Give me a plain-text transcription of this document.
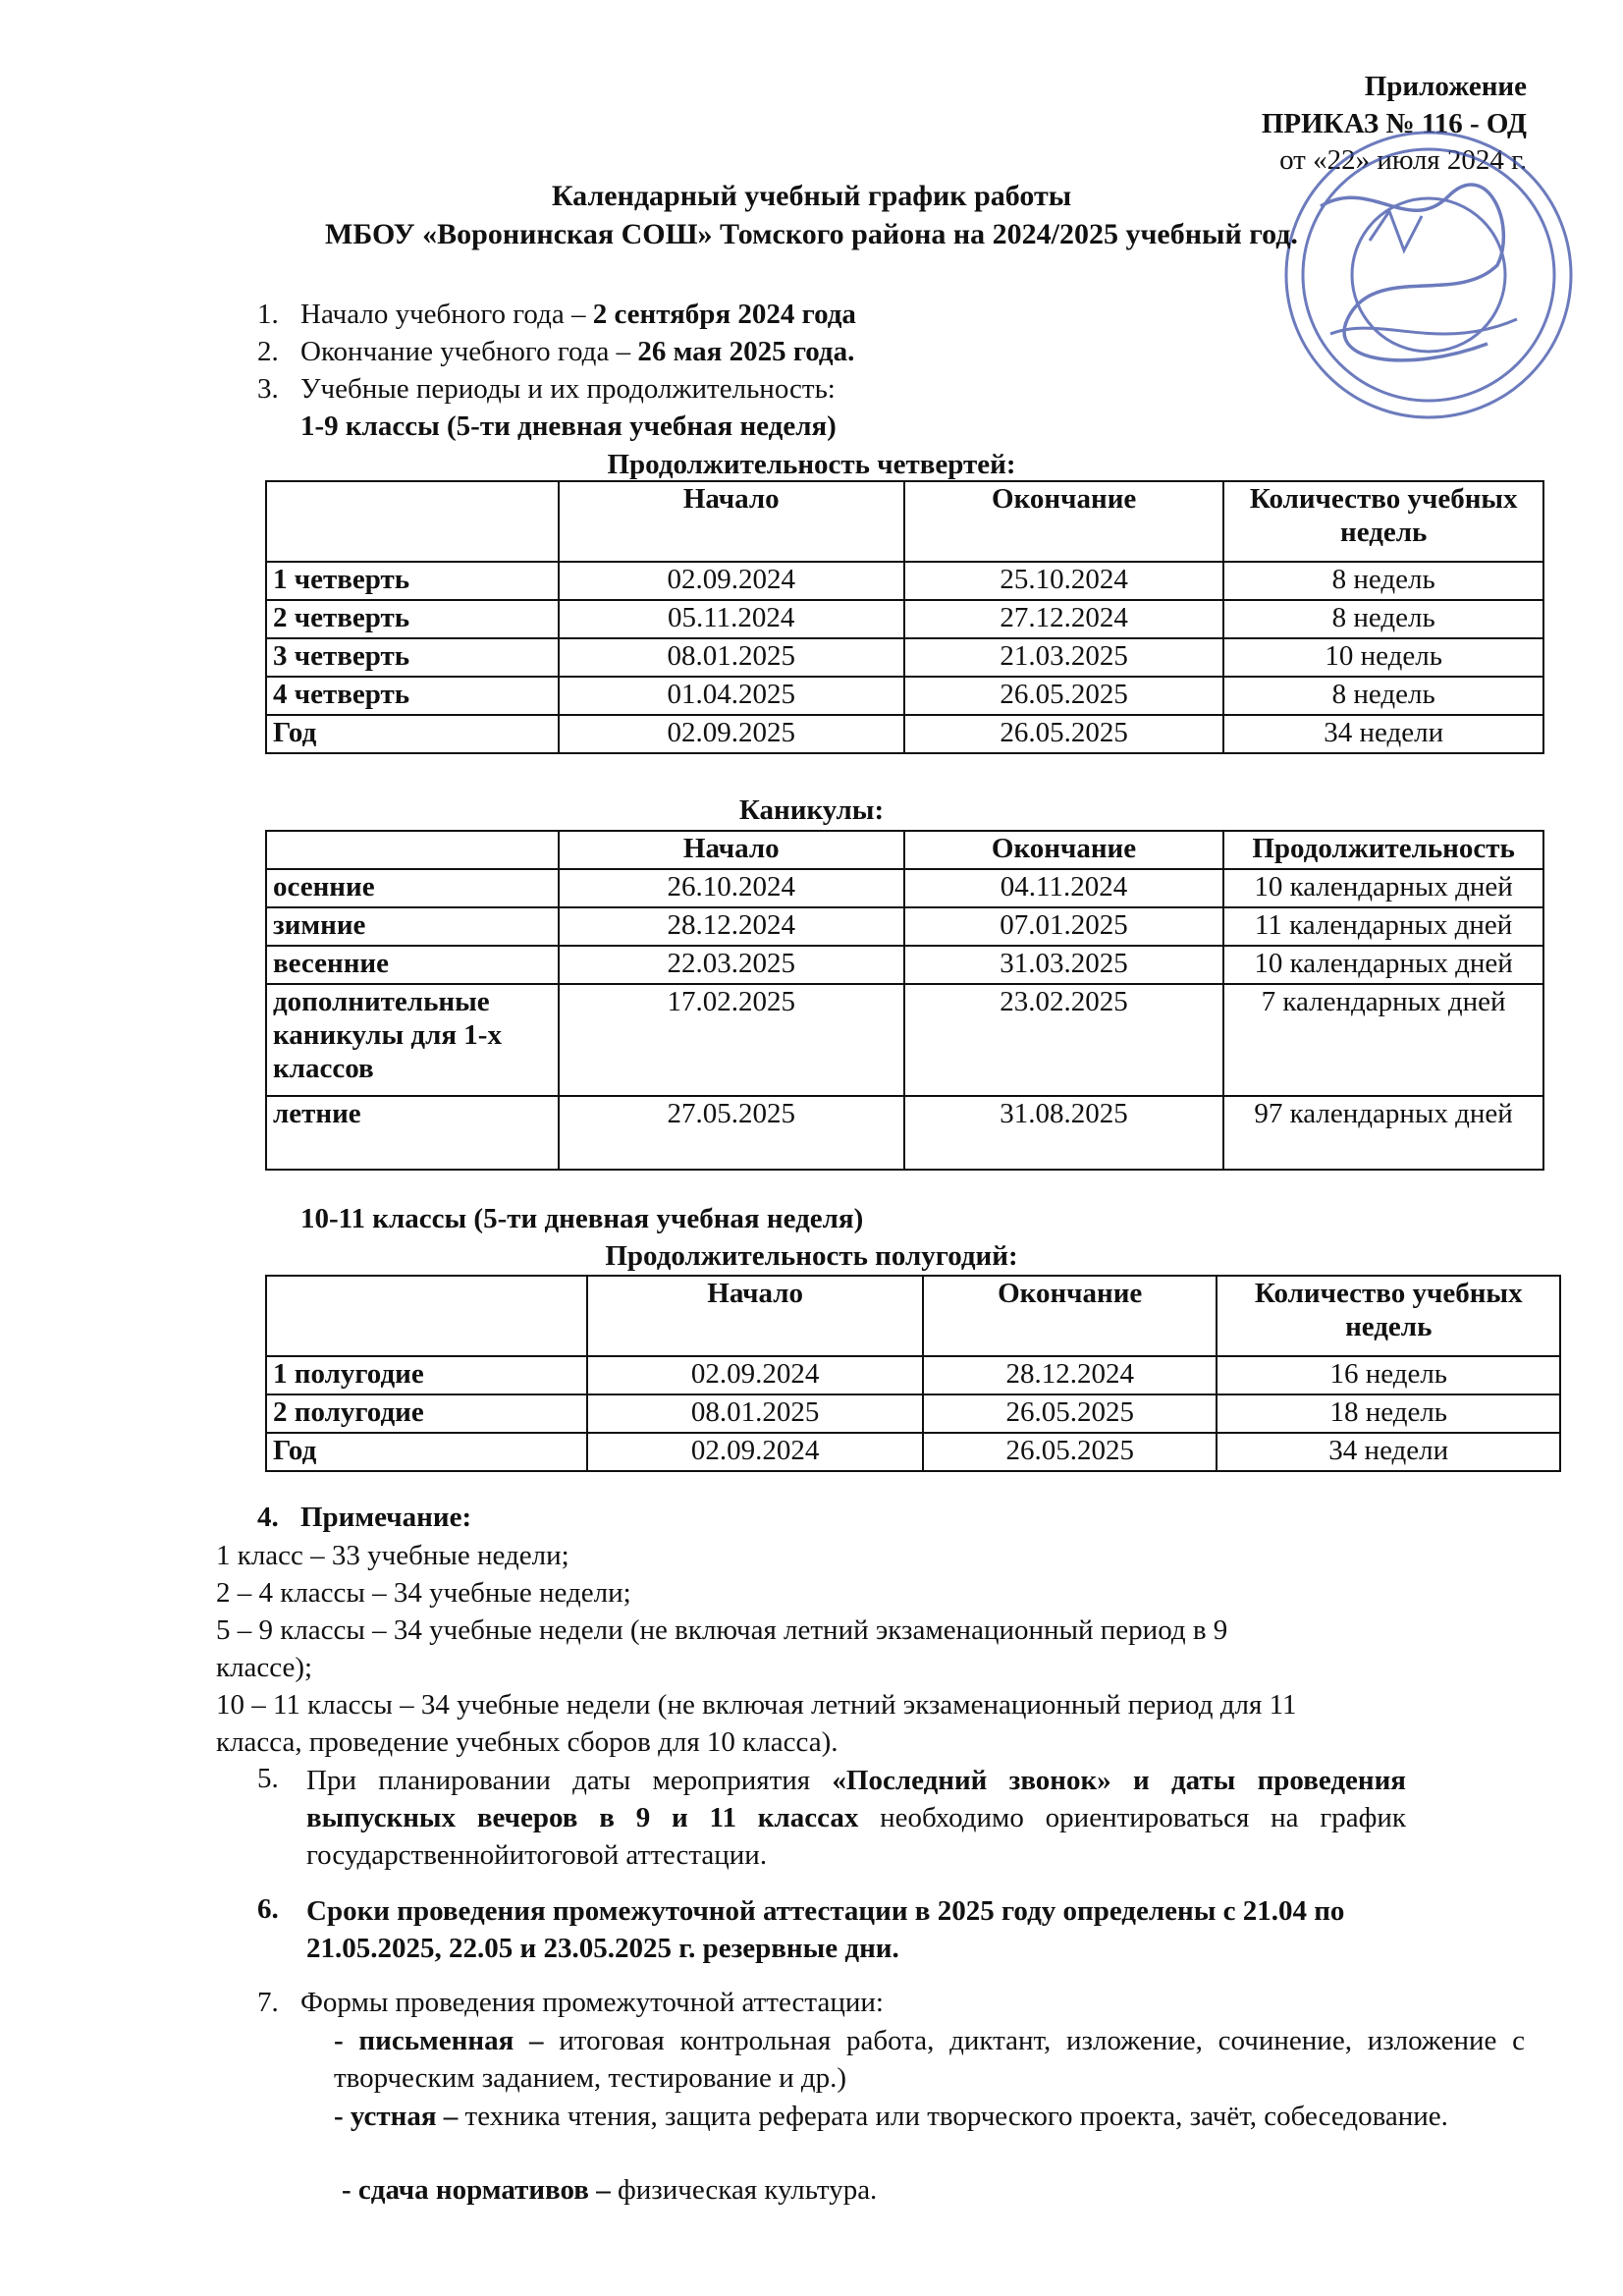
Приложение
ПРИКАЗ № 116 - ОД
от «22» июля 2024 г.
Календарный учебный график работы
МБОУ «Воронинская СОШ» Томского района на 2024/2025 учебный год.
1. Начало учебного года – 2 сентября 2024 года
2. Окончание учебного года – 26 мая 2025 года.
3. Учебные периоды и их продолжительность:
1-9 классы (5-ти дневная учебная неделя)
Продолжительность четвертей:
	Начало	Окончание	Количество учебных недель
1 четверть	02.09.2024	25.10.2024	8 недель
2 четверть	05.11.2024	27.12.2024	8 недель
3 четверть	08.01.2025	21.03.2025	10 недель
4 четверть	01.04.2025	26.05.2025	8 недель
Год	02.09.2025	26.05.2025	34 недели
Каникулы:
	Начало	Окончание	Продолжительность
осенние	26.10.2024	04.11.2024	10 календарных дней
зимние	28.12.2024	07.01.2025	11 календарных дней
весенние	22.03.2025	31.03.2025	10 календарных дней
дополнительные каникулы для 1-х классов	17.02.2025	23.02.2025	7 календарных дней
летние	27.05.2025	31.08.2025	97 календарных дней
10-11 классы (5-ти дневная учебная неделя)
Продолжительность полугодий:
	Начало	Окончание	Количество учебных недель
1 полугодие	02.09.2024	28.12.2024	16 недель
2 полугодие	08.01.2025	26.05.2025	18 недель
Год	02.09.2024	26.05.2025	34 недели
4. Примечание:
1 класс – 33 учебные недели;
2 – 4 классы – 34 учебные недели;
5 – 9 классы – 34 учебные недели (не включая летний экзаменационный период в 9
классе);
10 – 11 классы – 34 учебные недели (не включая летний экзаменационный период для 11
класса, проведение учебных сборов для 10 класса).
5. При планировании даты мероприятия «Последний звонок» и даты проведения выпускных вечеров в 9 и 11 классах необходимо ориентироваться на график государственнойитоговой аттестации.
6. Сроки проведения промежуточной аттестации в 2025 году определены с 21.04 по 21.05.2025, 22.05 и 23.05.2025 г. резервные дни.
7. Формы проведения промежуточной аттестации:
- письменная – итоговая контрольная работа, диктант, изложение, сочинение, изложение с творческим заданием, тестирование и др.)
- устная – техника чтения, защита реферата или творческого проекта, зачёт, собеседование.
- сдача нормативов – физическая культура.
